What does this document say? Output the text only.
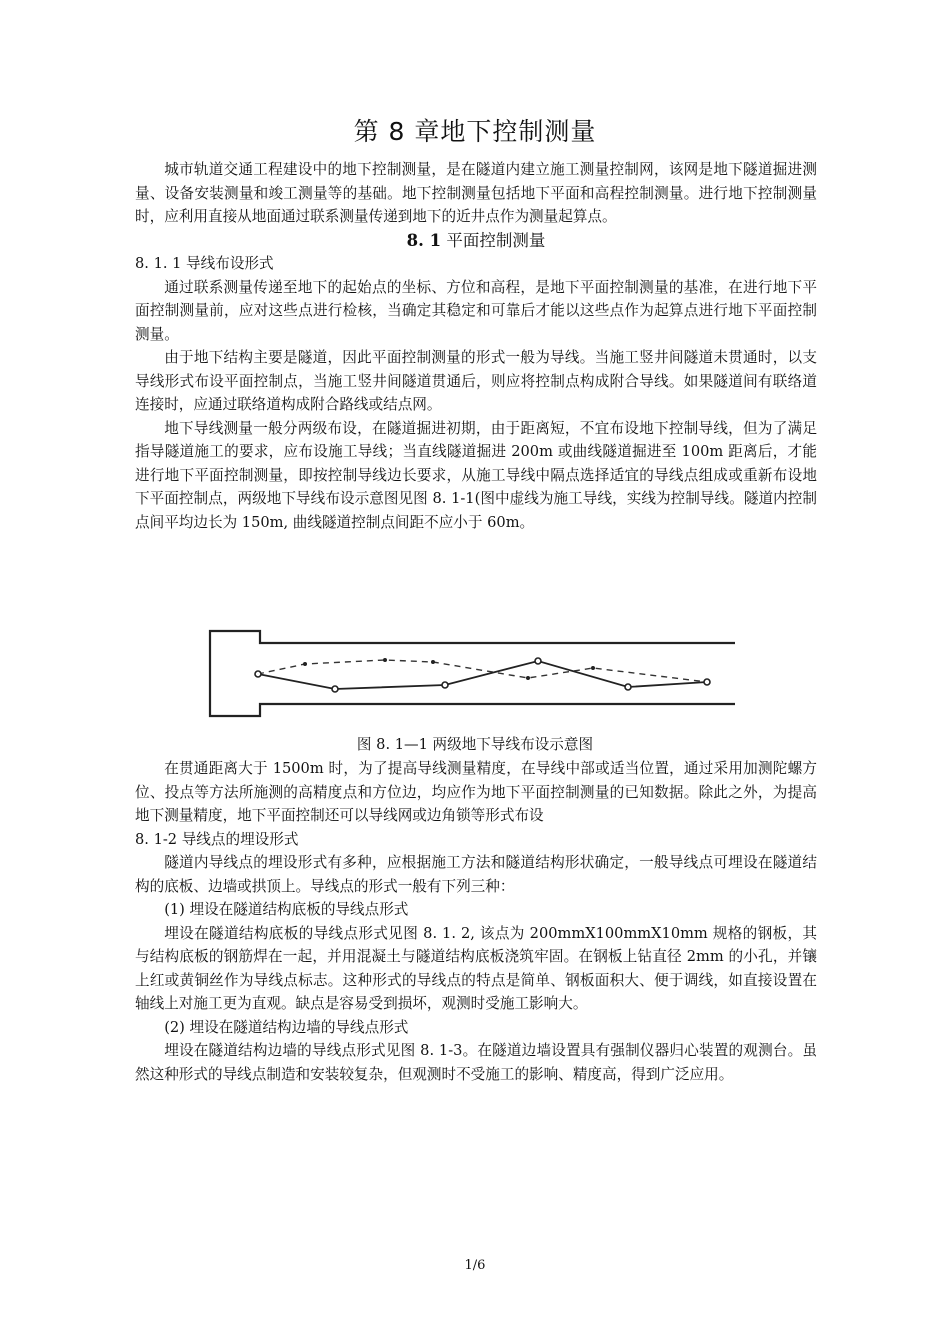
第 8 章地下控制测量

城市轨道交通工程建设中的地下控制测量，是在隧道内建立施工测量控制网，该网是地下隧道掘进测量、设备安装测量和竣工测量等的基础。地下控制测量包括地下平面和高程控制测量。进行地下控制测量时，应利用直接从地面通过联系测量传递到地下的近井点作为测量起算点。

8. 1 平面控制测量

8. 1. 1 导线布设形式

通过联系测量传递至地下的起始点的坐标、方位和高程，是地下平面控制测量的基准，在进行地下平面控制测量前，应对这些点进行检核，当确定其稳定和可靠后才能以这些点作为起算点进行地下平面控制测量。

由于地下结构主要是隧道，因此平面控制测量的形式一般为导线。当施工竖井间隧道未贯通时，以支导线形式布设平面控制点，当施工竖井间隧道贯通后，则应将控制点构成附合导线。如果隧道间有联络道连接时，应通过联络道构成附合路线或结点网。

地下导线测量一般分两级布设，在隧道掘进初期，由于距离短，不宜布设地下控制导线，但为了满足指导隧道施工的要求，应布设施工导线；当直线隧道掘进 200m 或曲线隧道掘进至 100m 距离后，才能进行地下平面控制测量，即按控制导线边长要求，从施工导线中隔点选择适宜的导线点组成或重新布设地下平面控制点，两级地下导线布设示意图见图 8. 1-1(图中虚线为施工导线，实线为控制导线。隧道内控制点间平均边长为 150m, 曲线隧道控制点间距不应小于 60m。

图 8. 1—1 两级地下导线布设示意图

在贯通距离大于 1500m 时，为了提高导线测量精度，在导线中部或适当位置，通过采用加测陀螺方位、投点等方法所施测的高精度点和方位边，均应作为地下平面控制测量的已知数据。除此之外，为提高地下测量精度，地下平面控制还可以导线网或边角锁等形式布设

8. 1-2 导线点的埋设形式

隧道内导线点的埋设形式有多种，应根据施工方法和隧道结构形状确定，一般导线点可埋设在隧道结构的底板、边墙或拱顶上。导线点的形式一般有下列三种：

(1) 埋设在隧道结构底板的导线点形式

埋设在隧道结构底板的导线点形式见图 8. 1. 2, 该点为 200mmX100mmX10mm 规格的钢板，其与结构底板的钢筋焊在一起，并用混凝土与隧道结构底板浇筑牢固。在钢板上钻直径 2mm 的小孔，并镶上红或黄铜丝作为导线点标志。这种形式的导线点的特点是简单、钢板面积大、便于调线，如直接设置在轴线上对施工更为直观。缺点是容易受到损坏，观测时受施工影响大。

(2) 埋设在隧道结构边墙的导线点形式

埋设在隧道结构边墙的导线点形式见图 8. 1-3。在隧道边墙设置具有强制仪器归心装置的观测台。虽然这种形式的导线点制造和安装较复杂，但观测时不受施工的影响、精度高，得到广泛应用。

1/6
